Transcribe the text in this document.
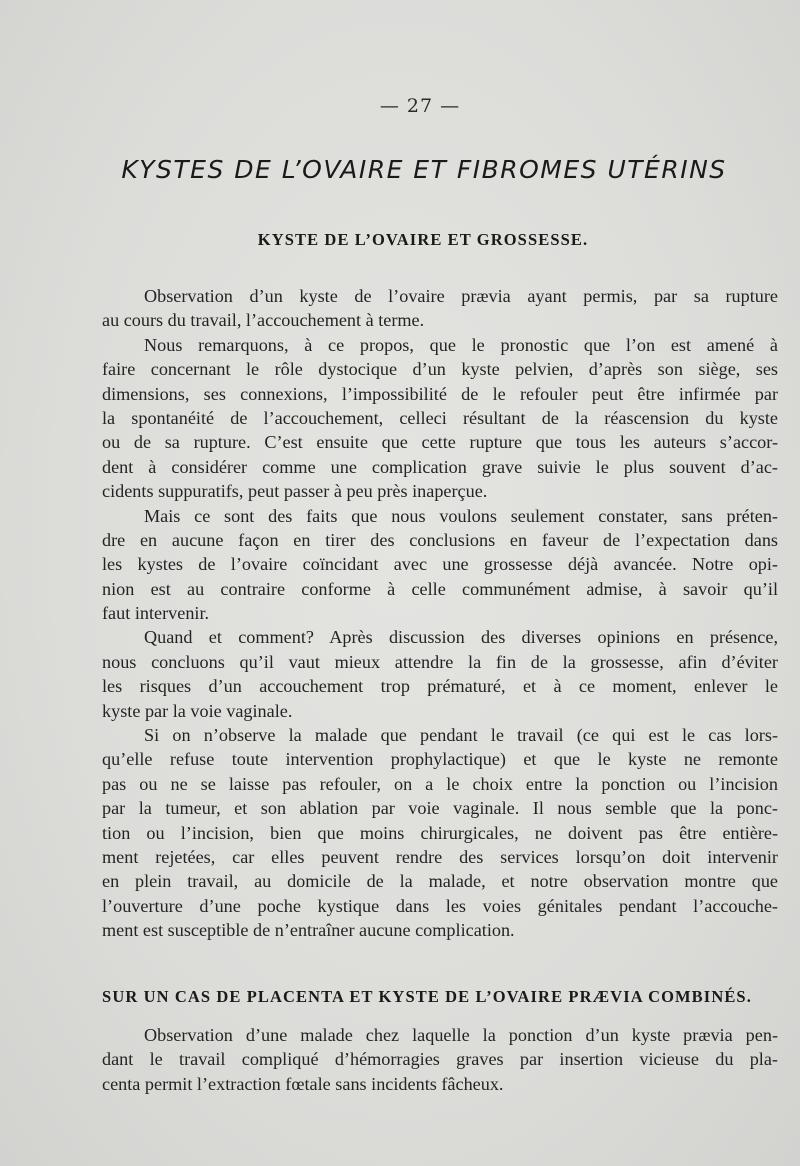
— 27 —
KYSTES DE L’OVAIRE ET FIBROMES UTÉRINS
KYSTE DE L’OVAIRE ET GROSSESSE.
Observation d’un kyste de l’ovaire prævia ayant permis, par sa rupture
au cours du travail, l’accouchement à terme.
Nous remarquons, à ce propos, que le pronostic que l’on est amené à
faire concernant le rôle dystocique d’un kyste pelvien, d’après son siège, ses
dimensions, ses connexions, l’impossibilité de le refouler peut être infirmée par
la spontanéité de l’accouchement, celleci résultant de la réascension du kyste
ou de sa rupture. C’est ensuite que cette rupture que tous les auteurs s’accor-
dent à considérer comme une complication grave suivie le plus souvent d’ac-
cidents suppuratifs, peut passer à peu près inaperçue.
Mais ce sont des faits que nous voulons seulement constater, sans préten-
dre en aucune façon en tirer des conclusions en faveur de l’expectation dans
les kystes de l’ovaire coïncidant avec une grossesse déjà avancée. Notre opi-
nion est au contraire conforme à celle communément admise, à savoir qu’il
faut intervenir.
Quand et comment? Après discussion des diverses opinions en présence,
nous concluons qu’il vaut mieux attendre la fin de la grossesse, afin d’éviter
les risques d’un accouchement trop prématuré, et à ce moment, enlever le
kyste par la voie vaginale.
Si on n’observe la malade que pendant le travail (ce qui est le cas lors-
qu’elle refuse toute intervention prophylactique) et que le kyste ne remonte
pas ou ne se laisse pas refouler, on a le choix entre la ponction ou l’incision
par la tumeur, et son ablation par voie vaginale. Il nous semble que la ponc-
tion ou l’incision, bien que moins chirurgicales, ne doivent pas être entière-
ment rejetées, car elles peuvent rendre des services lorsqu’on doit intervenir
en plein travail, au domicile de la malade, et notre observation montre que
l’ouverture d’une poche kystique dans les voies génitales pendant l’accouche-
ment est susceptible de n’entraîner aucune complication.
SUR UN CAS DE PLACENTA ET KYSTE DE L’OVAIRE PRÆVIA COMBINÉS.
Observation d’une malade chez laquelle la ponction d’un kyste prævia pen-
dant le travail compliqué d’hémorragies graves par insertion vicieuse du pla-
centa permit l’extraction fœtale sans incidents fâcheux.
